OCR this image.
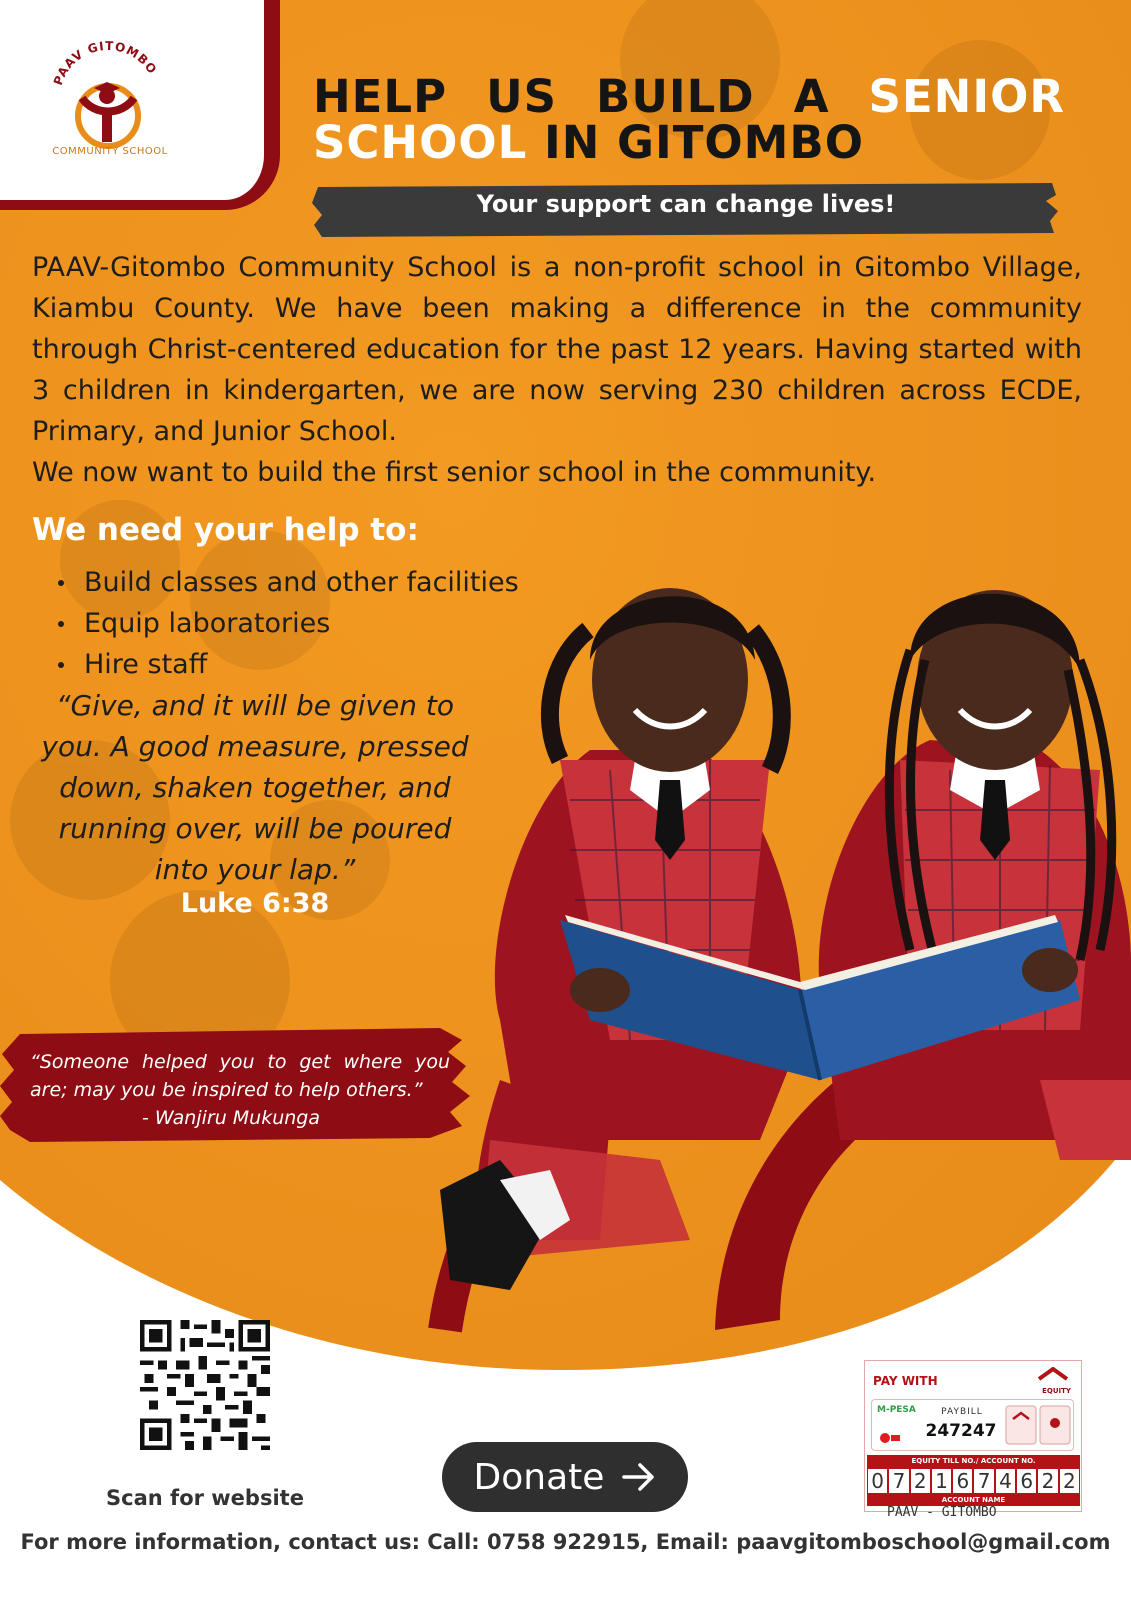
PAAV GITOMBO
COMMUNITY SCHOOL
HELP US BUILD A SENIOR
SCHOOL IN GITOMBO
Your support can change lives!

PAAV-Gitombo Community School is a non-profit school in Gitombo Village, Kiambu County. We have been making a difference in the community through Christ-centered education for the past 12 years. Having started with 3 children in kindergarten, we are now serving 230 children across ECDE, Primary, and Junior School.

We now want to build the first senior school in the community.

We need your help to:
Build classes and other facilities
Equip laboratories
Hire staff
“Give, and it will be given to you. A good measure, pressed down, shaken together, and running over, will be poured into your lap.”
Luke 6:38
“Someone helped you to get where you are; may you be inspired to help others.”
- Wanjiru Mukunga
Scan for website
Donate
PAY WITH
EQUITY
M-PESA	PAYBILL
247247
EQUITY TILL NO./ ACCOUNT NO.
0 7 2 1 6 7 4 6 2 2
ACCOUNT NAME
PAAV - GITOMBO
For more information, contact us: Call: 0758 922915, Email: paavgitomboschool@gmail.com
